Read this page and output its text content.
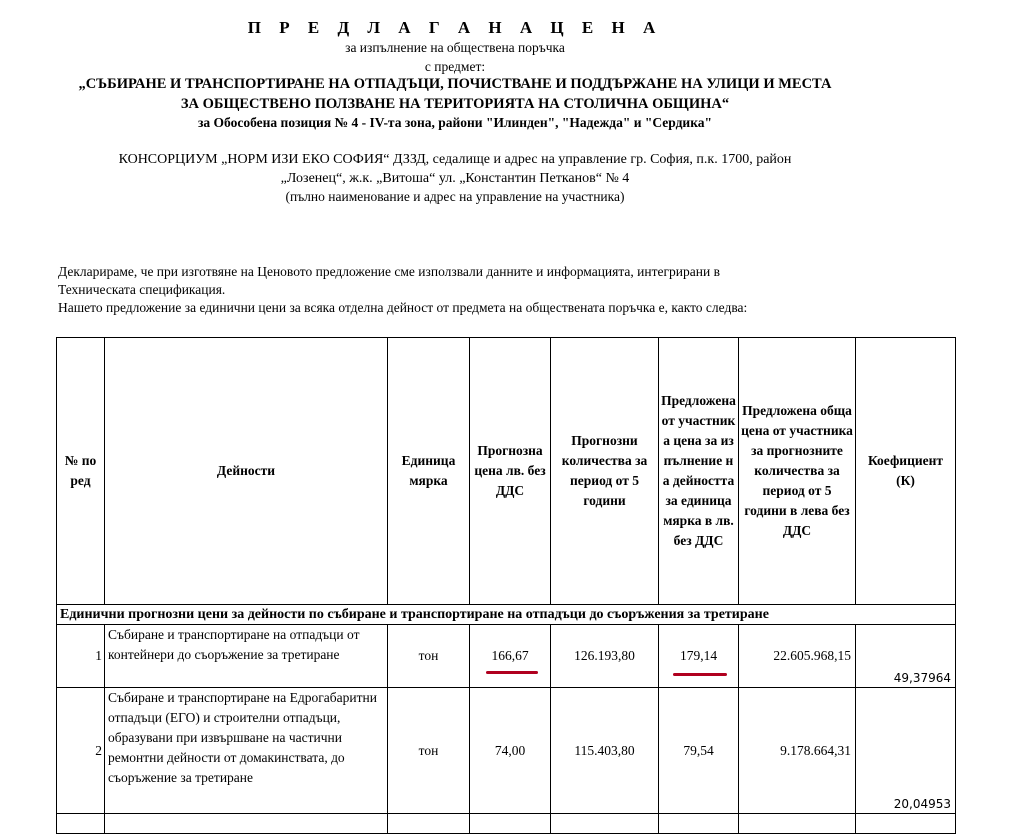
П Р Е Д Л А Г А Н А Ц Е Н А
за изпълнение на обществена поръчка
с предмет:
„СЪБИРАНЕ И ТРАНСПОРТИРАНЕ НА ОТПАДЪЦИ, ПОЧИСТВАНЕ И ПОДДЪРЖАНЕ НА УЛИЦИ И МЕСТА
ЗА ОБЩЕСТВЕНО ПОЛЗВАНЕ НА ТЕРИТОРИЯТА НА СТОЛИЧНА ОБЩИНА“
за Обособена позиция № 4 - IV-та зона, райони "Илинден", "Надежда" и "Сердика"
КОНСОРЦИУМ „НОРМ ИЗИ ЕКО СОФИЯ“ ДЗЗД, седалище и адрес на управление гр. София, п.к. 1700, район
„Лозенец“, ж.к. „Витоша“ ул. „Константин Петканов“ № 4
(пълно наименование и адрес на управление на участника)
Декларираме, че при изготвяне на Ценовото предложение сме използвали данните и информацията, интегрирани в
Техническата спецификация.
Нашето предложение за единични цени за всяка отделна дейност от предмета на обществената поръчка е, както следва:
№ по ред	Дейности	Единица мярка	Прогнозна цена лв. без ДДС	Прогнозни количества за период от 5 години	Предложена от участника цена за изпълнение на дейността за единица мярка в лв. без ДДС	Предложена обща цена от участника за прогнозните количества за период от 5 години в лева без ДДС	Коефициент (К)
Единични прогнозни цени за дейности по събиране и транспортиране на отпадъци до съоръжения за третиране							
1	Събиране и транспортиране на отпадъци от контейнери до съоръжение за третиране	тон	166,67	126.193,80	179,14	22.605.968,15	49,37964
2	Събиране и транспортиране на Едрогабаритни отпадъци (ЕГО) и строителни отпадъци, образувани при извършване на частични ремонтни дейности от домакинствата, до съоръжение за третиране	тон	74,00	115.403,80	79,54	9.178.664,31	20,04953
